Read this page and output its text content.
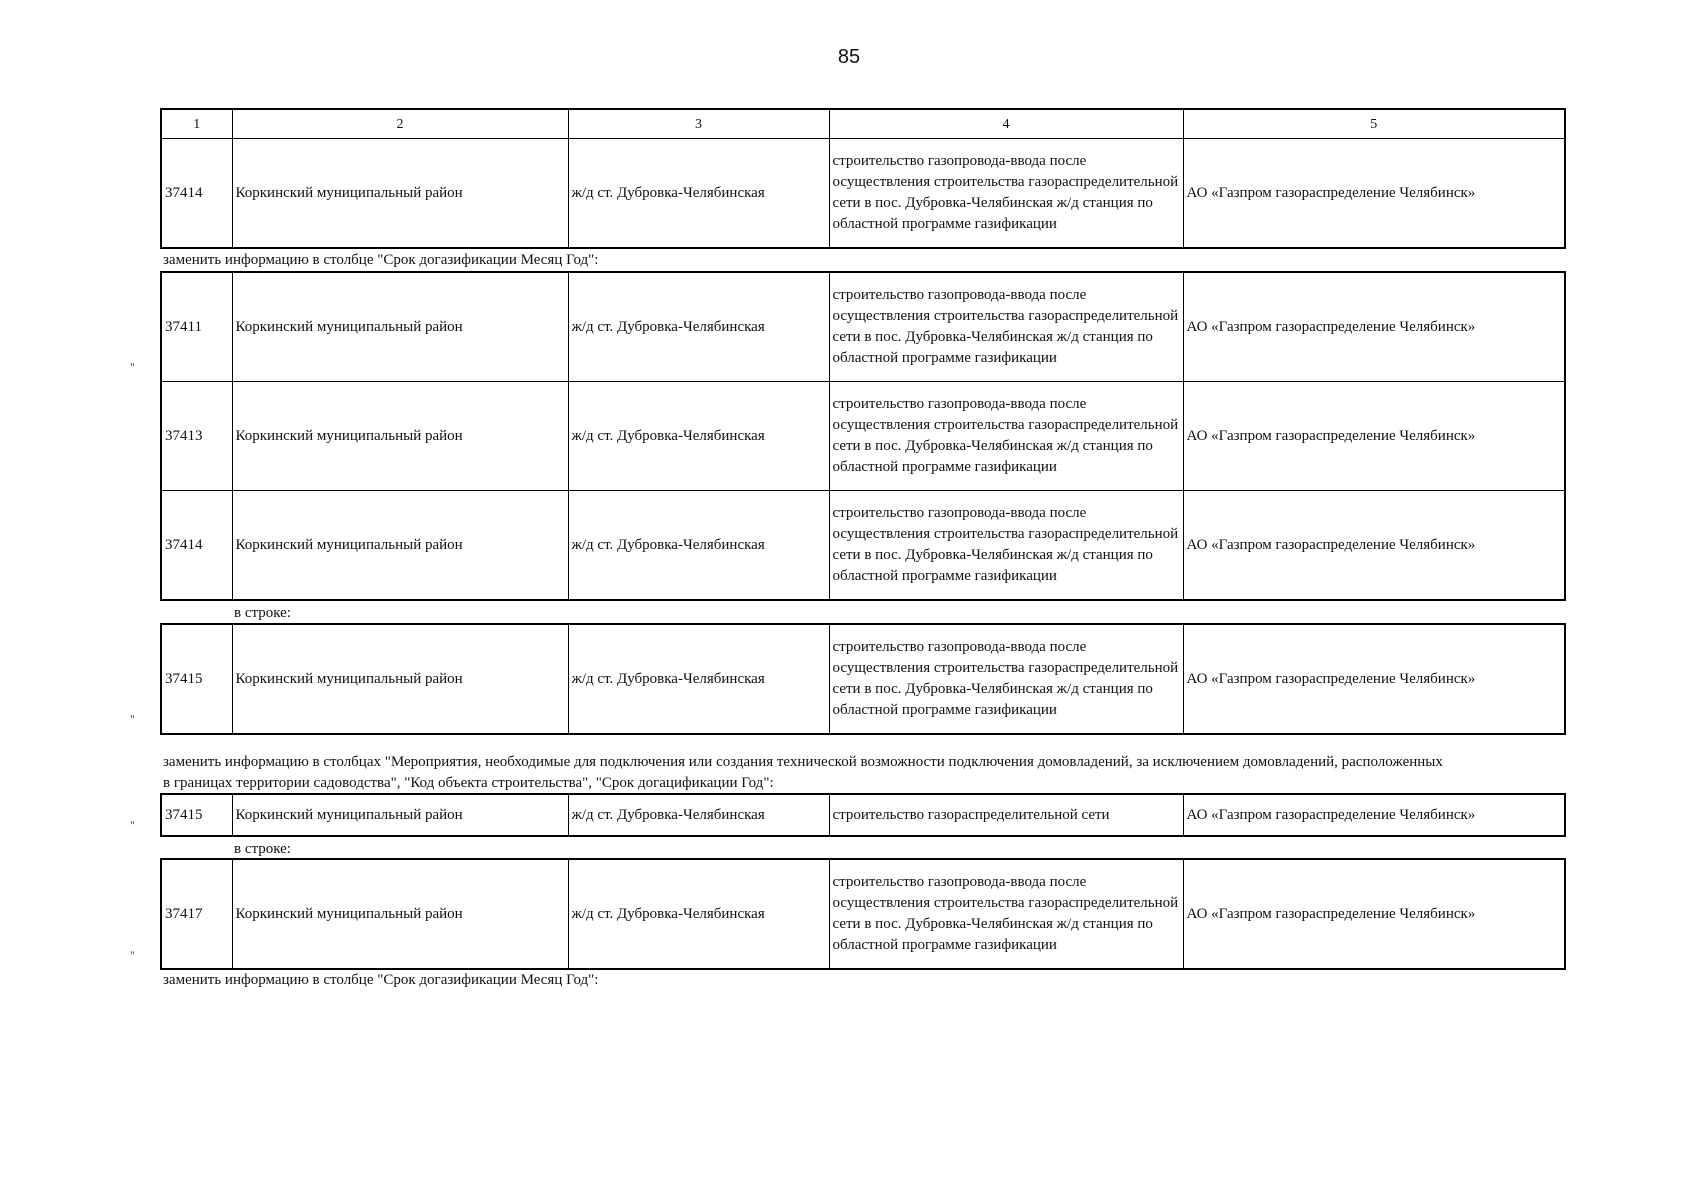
85
1	2	3	4	5
37414	Коркинский муниципальный район	ж/д ст. Дубровка-Челябинская	строительство газопровода-ввода после осуществления строительства газораспределительной сети в пос. Дубровка-Челябинская ж/д станция по областной программе газификации	АО «Газпром газораспределение Челябинск»
заменить информацию в столбце "Срок догазификации Месяц Год":
"
37411	Коркинский муниципальный район	ж/д ст. Дубровка-Челябинская	строительство газопровода-ввода после осуществления строительства газораспределительной сети в пос. Дубровка-Челябинская ж/д станция по областной программе газификации	АО «Газпром газораспределение Челябинск»
37413	Коркинский муниципальный район	ж/д ст. Дубровка-Челябинская	строительство газопровода-ввода после осуществления строительства газораспределительной сети в пос. Дубровка-Челябинская ж/д станция по областной программе газификации	АО «Газпром газораспределение Челябинск»
37414	Коркинский муниципальный район	ж/д ст. Дубровка-Челябинская	строительство газопровода-ввода после осуществления строительства газораспределительной сети в пос. Дубровка-Челябинская ж/д станция по областной программе газификации	АО «Газпром газораспределение Челябинск»
в строке:
37415	Коркинский муниципальный район	ж/д ст. Дубровка-Челябинская	строительство газопровода-ввода после осуществления строительства газораспределительной сети в пос. Дубровка-Челябинская ж/д станция по областной программе газификации	АО «Газпром газораспределение Челябинск»
"
заменить информацию в столбцах "Мероприятия, необходимые для подключения или создания технической возможности подключения домовладений, за исключением домовладений, расположенных
в границах территории садоводства", "Код объекта строительства", "Срок догацификации Год":
"
37415	Коркинский муниципальный район	ж/д ст. Дубровка-Челябинская	строительство газораспределительной сети	АО «Газпром газораспределение Челябинск»
в строке:
37417	Коркинский муниципальный район	ж/д ст. Дубровка-Челябинская	строительство газопровода-ввода после осуществления строительства газораспределительной сети в пос. Дубровка-Челябинская ж/д станция по областной программе газификации	АО «Газпром газораспределение Челябинск»
"
заменить информацию в столбце "Срок догазификации Месяц Год":
